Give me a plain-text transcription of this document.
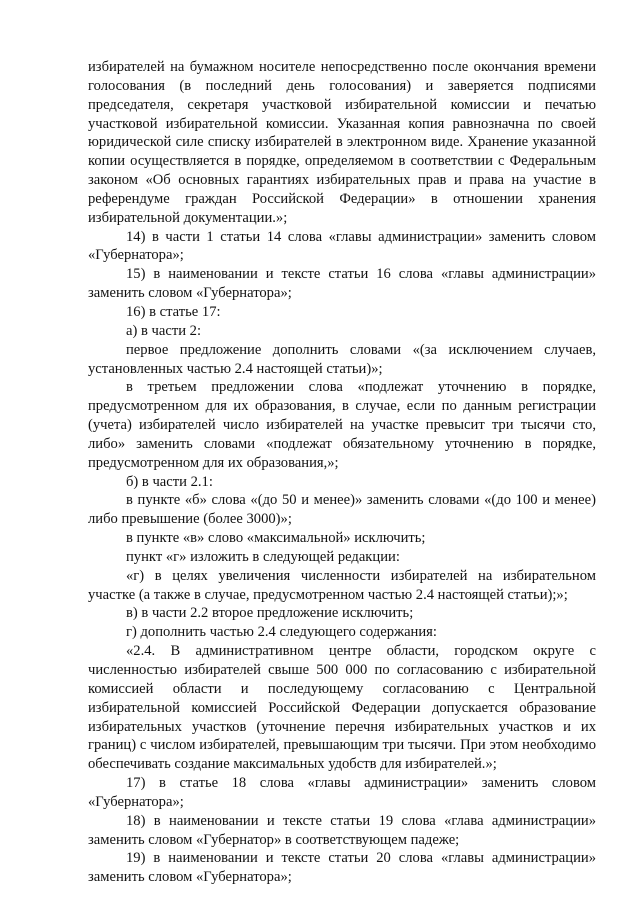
избирателей на бумажном носителе непосредственно после окончания времени голосования (в последний день голосования) и заверяется подписями председателя, секретаря участковой избирательной комиссии и печатью участковой избирательной комиссии. Указанная копия равнозначна по своей юридической силе списку избирателей в электронном виде. Хранение указанной копии осуществляется в порядке, определяемом в соответствии с Федеральным законом «Об основных гарантиях избирательных прав и права на участие в референдуме граждан Российской Федерации» в отношении хранения избирательной документации.»;

14) в части 1 статьи 14 слова «главы администрации» заменить словом «Губернатора»;

15) в наименовании и тексте статьи 16 слова «главы администрации» заменить словом «Губернатора»;

16) в статье 17:

а) в части 2:

первое предложение дополнить словами «(за исключением случаев, установленных частью 2.4 настоящей статьи)»;

в третьем предложении слова «подлежат уточнению в порядке, предусмотренном для их образования, в случае, если по данным регистрации (учета) избирателей число избирателей на участке превысит три тысячи сто, либо» заменить словами «подлежат обязательному уточнению в порядке, предусмотренном для их образования,»;

б) в части 2.1:

в пункте «б» слова «(до 50 и менее)» заменить словами «(до 100 и менее) либо превышение (более 3000)»;

в пункте «в» слово «максимальной» исключить;

пункт «г» изложить в следующей редакции:

«г) в целях увеличения численности избирателей на избирательном участке (а также в случае, предусмотренном частью 2.4 настоящей статьи);»;

в) в части 2.2 второе предложение исключить;

г) дополнить частью 2.4 следующего содержания:

«2.4. В административном центре области, городском округе с численностью избирателей свыше 500 000 по согласованию с избирательной комиссией области и последующему согласованию с Центральной избирательной комиссией Российской Федерации допускается образование избирательных участков (уточнение перечня избирательных участков и их границ) с числом избирателей, превышающим три тысячи. При этом необходимо обеспечивать создание максимальных удобств для избирателей.»;

17) в статье 18 слова «главы администрации» заменить словом «Губернатора»;

18) в наименовании и тексте статьи 19 слова «глава администрации» заменить словом «Губернатор» в соответствующем падеже;

19) в наименовании и тексте статьи 20 слова «главы администрации» заменить словом «Губернатора»;
